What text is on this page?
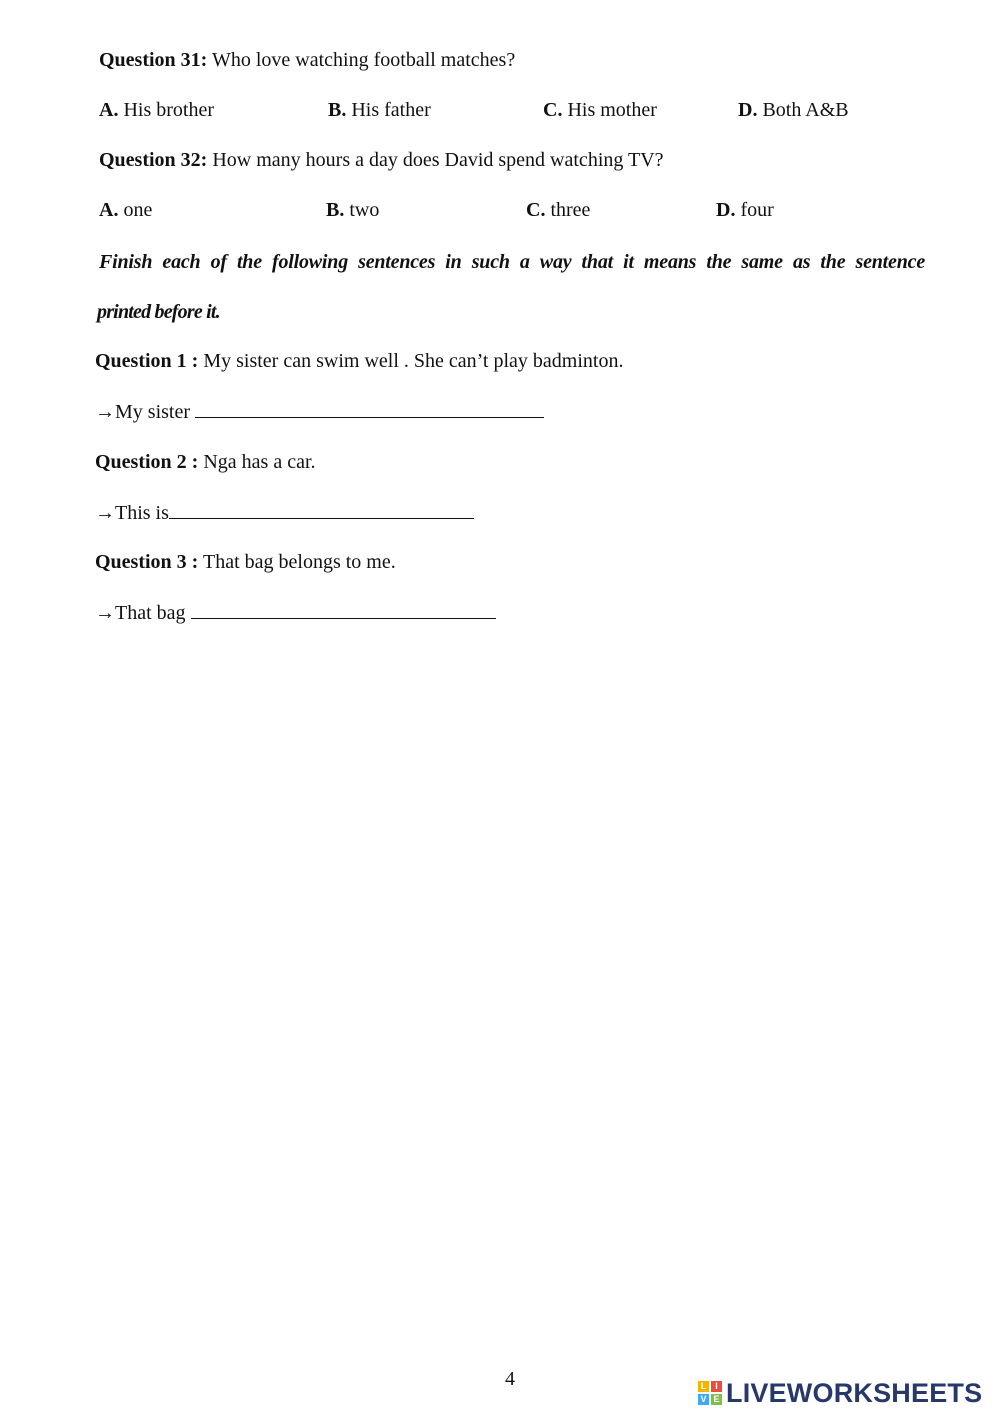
Question 31: Who love watching football matches?
A. His brother	B. His father	C. His mother	D. Both A&B
Question 32: How many hours a day does David spend watching TV?
A. one	B. two	C. three	D. four
Finish each of the following sentences in such a way that it means the same as the sentence
printed before it.
Question 1 : My sister can swim well . She can’t play badminton.
→My sister
Question 2 : Nga has a car.
→This is
Question 3 : That bag belongs to me.
→That bag
4	L I
V E LIVEWORKSHEETS
